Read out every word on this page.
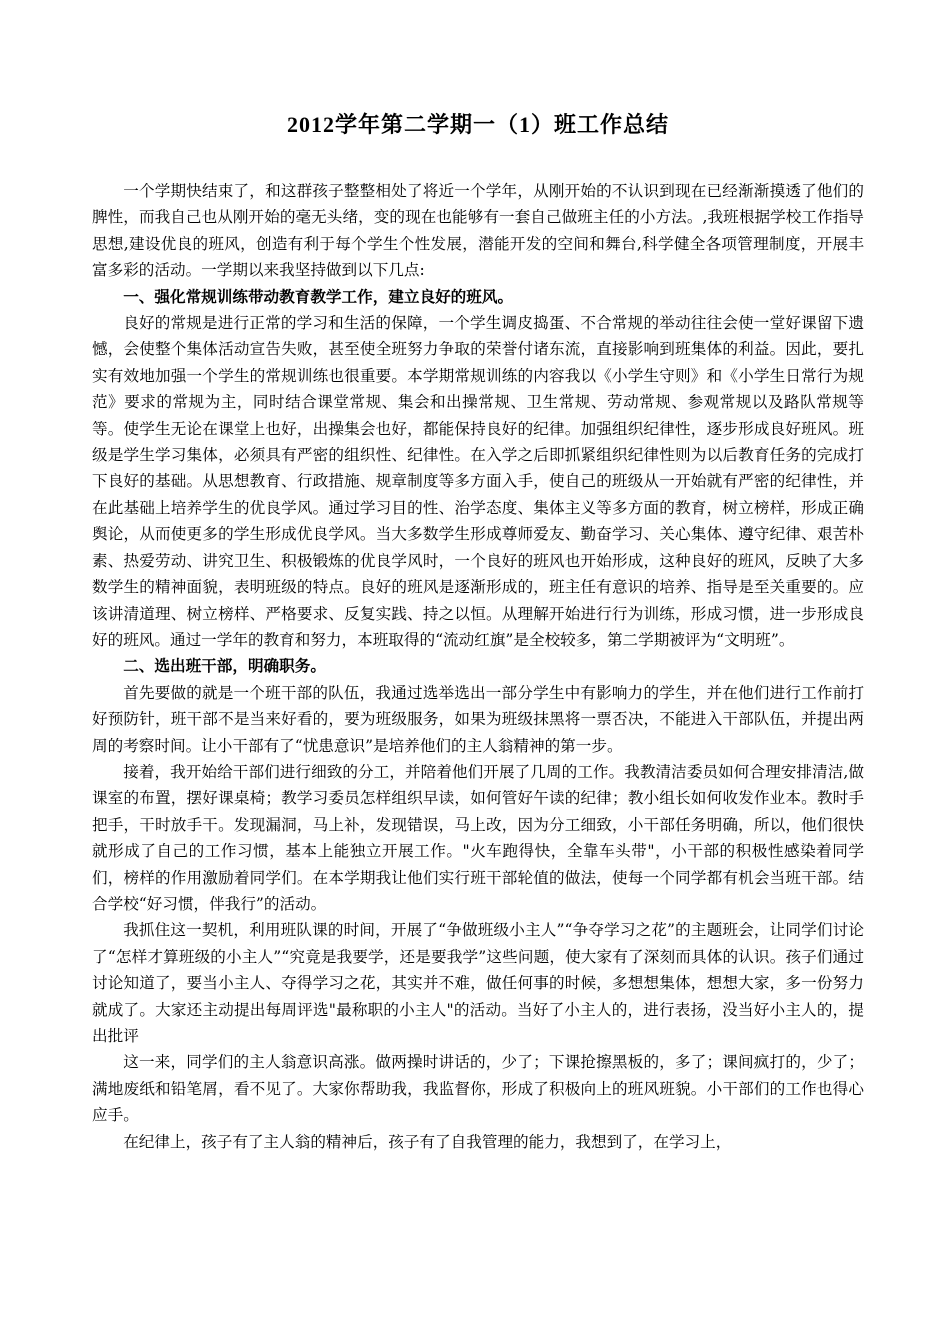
2012学年第二学期一（1）班工作总结

一个学期快结束了，和这群孩子整整相处了将近一个学年，从刚开始的不认识到现在已经渐渐摸透了他们的脾性，而我自己也从刚开始的毫无头绪，变的现在也能够有一套自己做班主任的小方法。,我班根据学校工作指导思想,建设优良的班风，创造有利于每个学生个性发展，潜能开发的空间和舞台,科学健全各项管理制度，开展丰富多彩的活动。一学期以来我坚持做到以下几点:

一、强化常规训练带动教育教学工作，建立良好的班风。

良好的常规是进行正常的学习和生活的保障，一个学生调皮捣蛋、不合常规的举动往往会使一堂好课留下遗憾，会使整个集体活动宣告失败，甚至使全班努力争取的荣誉付诸东流，直接影响到班集体的利益。因此，要扎实有效地加强一个学生的常规训练也很重要。本学期常规训练的内容我以《小学生守则》和《小学生日常行为规范》要求的常规为主，同时结合课堂常规、集会和出操常规、卫生常规、劳动常规、参观常规以及路队常规等等。使学生无论在课堂上也好，出操集会也好，都能保持良好的纪律。加强组织纪律性，逐步形成良好班风。班级是学生学习集体，必须具有严密的组织性、纪律性。在入学之后即抓紧组织纪律性则为以后教育任务的完成打下良好的基础。从思想教育、行政措施、规章制度等多方面入手，使自己的班级从一开始就有严密的纪律性，并在此基础上培养学生的优良学风。通过学习目的性、治学态度、集体主义等多方面的教育，树立榜样，形成正确舆论，从而使更多的学生形成优良学风。当大多数学生形成尊师爱友、勤奋学习、关心集体、遵守纪律、艰苦朴素、热爱劳动、讲究卫生、积极锻炼的优良学风时，一个良好的班风也开始形成，这种良好的班风，反映了大多数学生的精神面貌，表明班级的特点。良好的班风是逐渐形成的，班主任有意识的培养、指导是至关重要的。应该讲清道理、树立榜样、严格要求、反复实践、持之以恒。从理解开始进行行为训练，形成习惯，进一步形成良好的班风。通过一学年的教育和努力，本班取得的“流动红旗”是全校较多，第二学期被评为“文明班”。

二、选出班干部，明确职务。

首先要做的就是一个班干部的队伍，我通过选举选出一部分学生中有影响力的学生，并在他们进行工作前打好预防针，班干部不是当来好看的，要为班级服务，如果为班级抹黑将一票否决，不能进入干部队伍，并提出两周的考察时间。让小干部有了“忧患意识”是培养他们的主人翁精神的第一步。

接着，我开始给干部们进行细致的分工，并陪着他们开展了几周的工作。我教清洁委员如何合理安排清洁,做课室的布置，摆好课桌椅；教学习委员怎样组织早读，如何管好午读的纪律；教小组长如何收发作业本。教时手把手，干时放手干。发现漏洞，马上补，发现错误，马上改，因为分工细致，小干部任务明确，所以，他们很快就形成了自己的工作习惯，基本上能独立开展工作。"火车跑得快，全靠车头带"，小干部的积极性感染着同学们，榜样的作用激励着同学们。在本学期我让他们实行班干部轮值的做法，使每一个同学都有机会当班干部。结合学校“好习惯，伴我行”的活动。

我抓住这一契机，利用班队课的时间，开展了“争做班级小主人”“争夺学习之花”的主题班会，让同学们讨论了“怎样才算班级的小主人”“究竟是我要学，还是要我学”这些问题，使大家有了深刻而具体的认识。孩子们通过讨论知道了，要当小主人、夺得学习之花，其实并不难，做任何事的时候，多想想集体，想想大家，多一份努力就成了。大家还主动提出每周评选"最称职的小主人"的活动。当好了小主人的，进行表扬，没当好小主人的，提出批评

这一来，同学们的主人翁意识高涨。做两操时讲话的，少了；下课抢擦黑板的，多了；课间疯打的，少了；满地废纸和铅笔屑，看不见了。大家你帮助我，我监督你，形成了积极向上的班风班貌。小干部们的工作也得心应手。

在纪律上，孩子有了主人翁的精神后，孩子有了自我管理的能力，我想到了，在学习上，
